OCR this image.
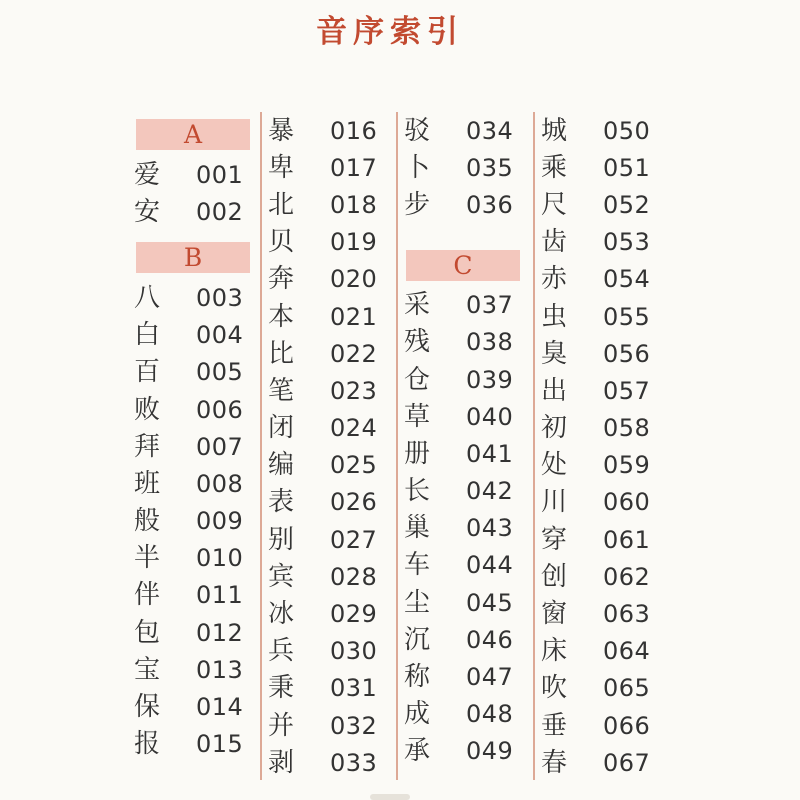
音序索引
A
爱	001
安	002
B
八	003
白	004
百	005
败	006
拜	007
班	008
般	009
半	010
伴	011
包	012
宝	013
保	014
报	015
暴	016
卑	017
北	018
贝	019
奔	020
本	021
比	022
笔	023
闭	024
编	025
表	026
别	027
宾	028
冰	029
兵	030
秉	031
并	032
剥	033
驳	034
卜	035
步	036
C
采	037
残	038
仓	039
草	040
册	041
长	042
巢	043
车	044
尘	045
沉	046
称	047
成	048
承	049
城	050
乘	051
尺	052
齿	053
赤	054
虫	055
臭	056
出	057
初	058
处	059
川	060
穿	061
创	062
窗	063
床	064
吹	065
垂	066
春	067
